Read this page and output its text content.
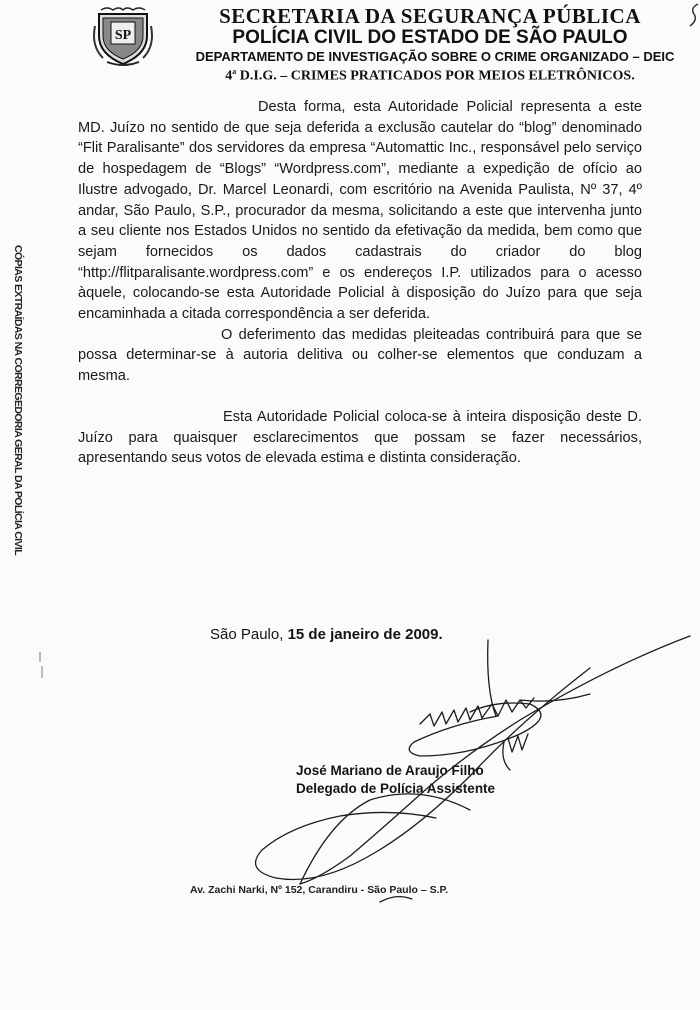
SP
SECRETARIA DA SEGURANÇA PÚBLICA
POLÍCIA CIVIL DO ESTADO DE SÃO PAULO
DEPARTAMENTO DE INVESTIGAÇÃO SOBRE O CRIME ORGANIZADO – DEIC
4$^a$ D.I.G. – CRIMES PRATICADOS POR MEIOS ELETRÔNICOS.
CÓPIAS EXTRAÍDAS NA CORREGEDORIA GERAL DA POLÍCIA CIVIL

Desta forma, esta Autoridade Policial representa a este MD. Juízo no sentido de que seja deferida a exclusão cautelar do “blog” denominado “Flit Paralisante” dos servidores da empresa “Automattic Inc., responsável pelo serviço de hospedagem de “Blogs” “Wordpress.com”, mediante a expedição de ofício ao Ilustre advogado, Dr. Marcel Leonardi, com escritório na Avenida Paulista, Nº 37, 4º andar, São Paulo, S.P., procurador da mesma, solicitando a este que intervenha junto a seu cliente nos Estados Unidos no sentido da efetivação da medida, bem como que sejam fornecidos os dados cadastrais do criador do blog “http://flitparalisante.wordpress.com” e os endereços I.P. utilizados para o acesso àquele, colocando-se esta Autoridade Policial à disposição do Juízo para que seja encaminhada a citada correspondência a ser deferida.

O deferimento das medidas pleiteadas contribuirá para que se possa determinar-se à autoria delitiva ou colher-se elementos que conduzam a mesma.

Esta Autoridade Policial coloca-se à inteira disposição deste D. Juízo para quaisquer esclarecimentos que possam se fazer necessários, apresentando seus votos de elevada estima e distinta consideração.

São Paulo, 15 de janeiro de 2009.
José Mariano de Araujo Filho
Delegado de Polícia Assistente
Av. Zachi Narki, Nº 152, Carandiru - São Paulo – S.P.
